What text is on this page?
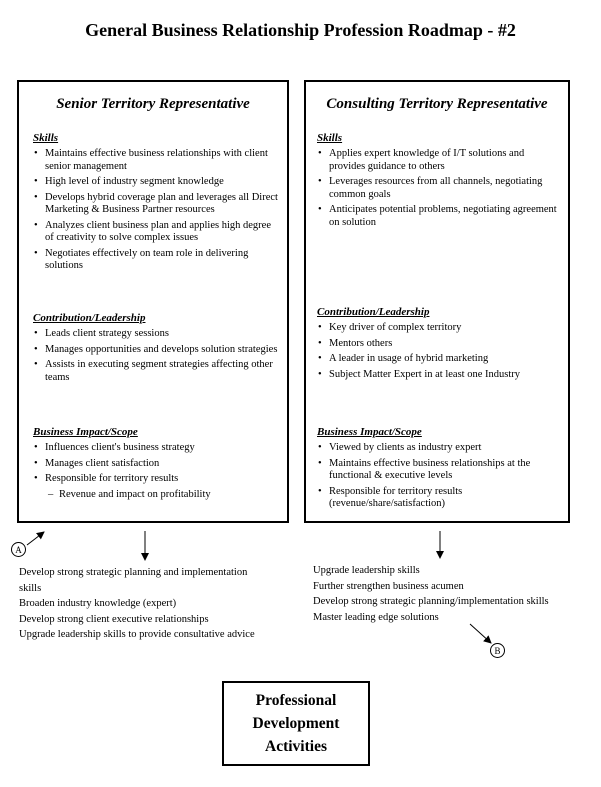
General Business Relationship Profession Roadmap - #2
Senior Territory Representative
Skills
• Maintains effective business relationships with client senior management
• High level of industry segment knowledge
• Develops hybrid coverage plan and leverages all Direct Marketing & Business Partner resources
• Analyzes client business plan and applies high degree of creativity to solve complex issues
• Negotiates effectively on team role in delivering solutions
Contribution/Leadership
• Leads client strategy sessions
• Manages opportunities and develops solution strategies
• Assists in executing segment strategies affecting other teams
Business Impact/Scope
• Influences client's business strategy
• Manages client satisfaction
• Responsible for territory results
– Revenue and impact on profitability
Consulting Territory Representative
Skills
• Applies expert knowledge of I/T solutions and provides guidance to others
• Leverages resources from all channels, negotiating common goals
• Anticipates potential problems, negotiating agreement on solution
Contribution/Leadership
• Key driver of complex territory
• Mentors others
• A leader in usage of hybrid marketing
• Subject Matter Expert in at least one Industry
Business Impact/Scope
• Viewed by clients as industry expert
• Maintains effective business relationships at the functional & executive levels
• Responsible for territory results (revenue/share/satisfaction)
A
B
Develop strong strategic planning and implementation
skills
Broaden industry knowledge (expert)
Develop strong client executive relationships
Upgrade leadership skills to provide consultative advice
Upgrade leadership skills
Further strengthen business acumen
Develop strong strategic planning/implementation skills
Master leading edge solutions
Professional Development Activities
